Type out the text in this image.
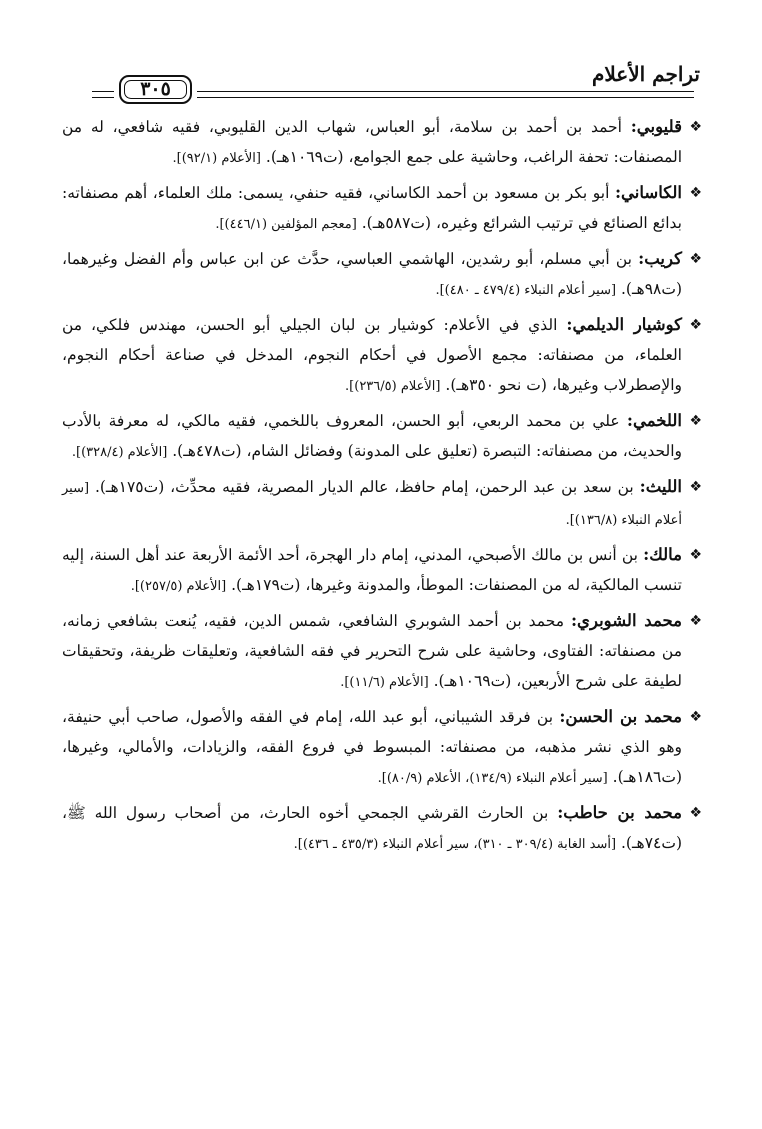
تراجم الأعلام
٣٠٥
❖
قليوبي: أحمد بن أحمد بن سلامة، أبو العباس، شهاب الدين القليوبي، فقيه شافعي، له من المصنفات: تحفة الراغب، وحاشية على جمع الجوامع، (ت١٠٦٩هـ). [الأعلام (٩٢/١)].
❖
الكاساني: أبو بكر بن مسعود بن أحمد الكاساني، فقيه حنفي، يسمى: ملك العلماء، أهم مصنفاته: بدائع الصنائع في ترتيب الشرائع وغيره، (ت٥٨٧هـ). [معجم المؤلفين (٤٤٦/١)].
❖
كريب: بن أبي مسلم، أبو رشدين، الهاشمي العباسي، حدَّث عن ابن عباس وأم الفضل وغيرهما، (ت٩٨هـ). [سير أعلام النبلاء (٤٧٩/٤ ـ ٤٨٠)].
❖
كوشيار الديلمي: الذي في الأعلام: كوشيار بن لبان الجيلي أبو الحسن، مهندس فلكي، من العلماء، من مصنفاته: مجمع الأصول في أحكام النجوم، المدخل في صناعة أحكام النجوم، والإصطرلاب وغيرها، (ت نحو ٣٥٠هـ). [الأعلام (٢٣٦/٥)].
❖
اللخمي: علي بن محمد الربعي، أبو الحسن، المعروف باللخمي، فقيه مالكي، له معرفة بالأدب والحديث، من مصنفاته: التبصرة (تعليق على المدونة) وفضائل الشام، (ت٤٧٨هـ). [الأعلام (٣٢٨/٤)].
❖
الليث: بن سعد بن عبد الرحمن، إمام حافظ، عالم الديار المصرية، فقيه محدِّث، (ت١٧٥هـ). [سير أعلام النبلاء (١٣٦/٨)].
❖
مالك: بن أنس بن مالك الأصبحي، المدني، إمام دار الهجرة، أحد الأئمة الأربعة عند أهل السنة، إليه تنسب المالكية، له من المصنفات: الموطأ، والمدونة وغيرها، (ت١٧٩هـ). [الأعلام (٢٥٧/٥)].
❖
محمد الشوبري: محمد بن أحمد الشوبري الشافعي، شمس الدين، فقيه، يُنعت بشافعي زمانه، من مصنفاته: الفتاوى، وحاشية على شرح التحرير في فقه الشافعية، وتعليقات ظريفة، وتحقيقات لطيفة على شرح الأربعين، (ت١٠٦٩هـ). [الأعلام (١١/٦)].
❖
محمد بن الحسن: بن فرقد الشيباني، أبو عبد الله، إمام في الفقه والأصول، صاحب أبي حنيفة، وهو الذي نشر مذهبه، من مصنفاته: المبسوط في فروع الفقه، والزيادات، والأمالي، وغيرها، (ت١٨٦هـ). [سير أعلام النبلاء (١٣٤/٩)، الأعلام (٨٠/٩)].
❖
محمد بن حاطب: بن الحارث القرشي الجمحي أخوه الحارث، من أصحاب رسول الله ﷺ، (ت٧٤هـ). [أسد الغابة (٣٠٩/٤ ـ ٣١٠)، سير أعلام النبلاء (٤٣٥/٣ ـ ٤٣٦)].
